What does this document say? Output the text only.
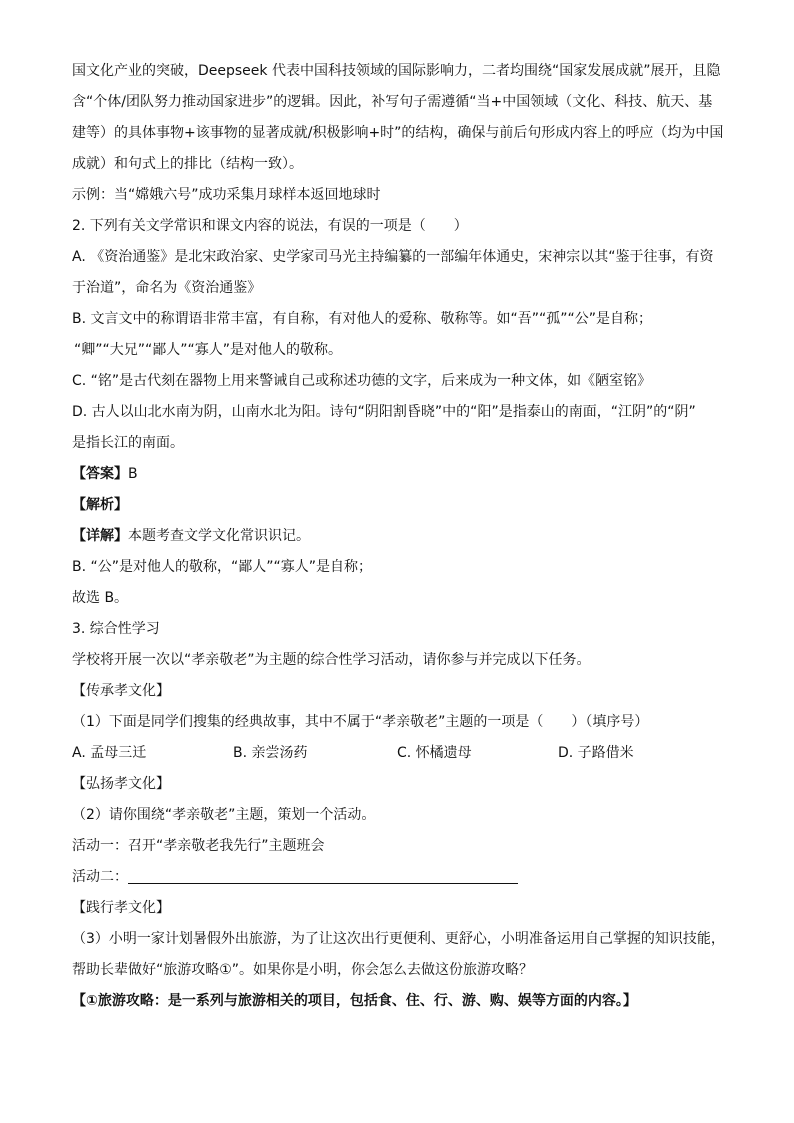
国文化产业的突破，Deepseek 代表中国科技领域的国际影响力，二者均围绕“国家发展成就”展开，且隐
含“个体/团队努力推动国家进步”的逻辑。因此，补写句子需遵循“当+中国领域（文化、科技、航天、基
建等）的具体事物+该事物的显著成就/积极影响+时”的结构，确保与前后句形成内容上的呼应（均为中国
成就）和句式上的排比（结构一致）。
示例：当“嫦娥六号”成功采集月球样本返回地球时
2. 下列有关文学常识和课文内容的说法，有误的一项是（　　）
A. 《资治通鉴》是北宋政治家、史学家司马光主持编纂的一部编年体通史，宋神宗以其“鉴于往事，有资
于治道”，命名为《资治通鉴》
B. 文言文中的称谓语非常丰富，有自称，有对他人的爱称、敬称等。如“吾”“孤”“公”是自称；
“卿”“大兄”“鄙人”“寡人”是对他人的敬称。
C. “铭”是古代刻在器物上用来警诫自己或称述功德的文字，后来成为一种文体，如《陋室铭》
D. 古人以山北水南为阴，山南水北为阳。诗句“阴阳割昏晓”中的“阳”是指泰山的南面，“江阴”的“阴”
是指长江的南面。
【答案】B
【解析】
【详解】本题考查文学文化常识识记。
B. “公”是对他人的敬称，“鄙人”“寡人”是自称；
故选 B。
3. 综合性学习
学校将开展一次以“孝亲敬老”为主题的综合性学习活动，请你参与并完成以下任务。
【传承孝文化】
（1）下面是同学们搜集的经典故事，其中不属于“孝亲敬老”主题的一项是（　　）（填序号）
A. 孟母三迁	B. 亲尝汤药	C. 怀橘遗母	D. 子路借米
【弘扬孝文化】
（2）请你围绕“孝亲敬老”主题，策划一个活动。
活动一：召开“孝亲敬老我先行”主题班会
活动二：
【践行孝文化】
（3）小明一家计划暑假外出旅游，为了让这次出行更便利、更舒心，小明准备运用自己掌握的知识技能，
帮助长辈做好“旅游攻略①”。如果你是小明，你会怎么去做这份旅游攻略？
【①旅游攻略：是一系列与旅游相关的项目，包括食、住、行、游、购、娱等方面的内容。】
